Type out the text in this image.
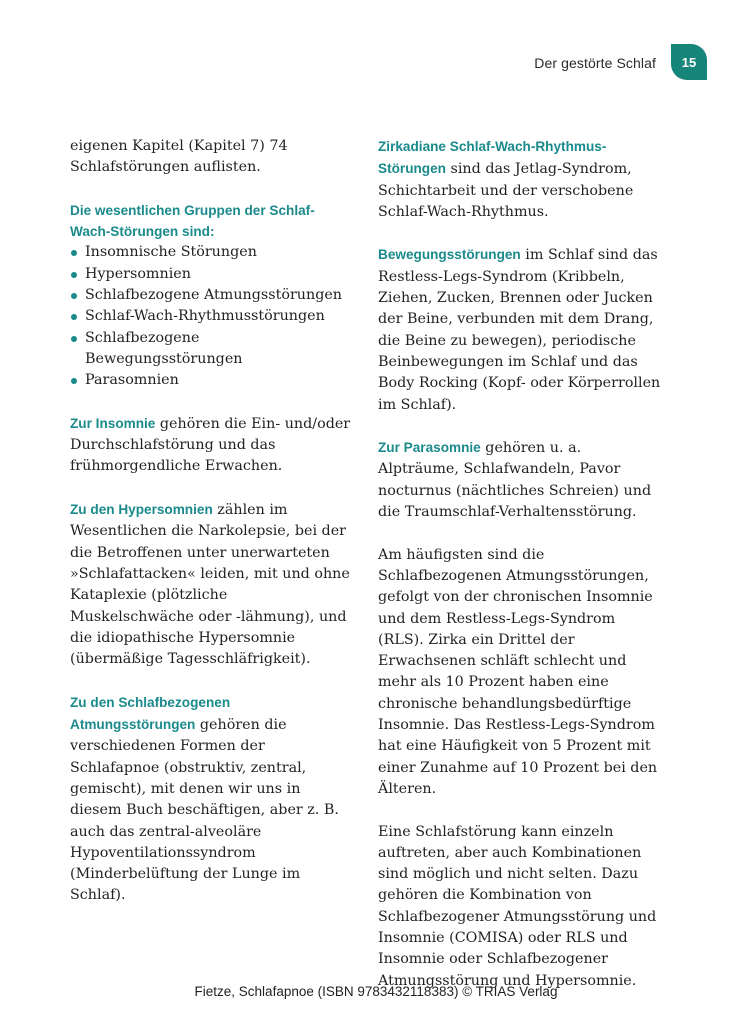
Der gestörte Schlaf 15

eigenen Kapitel (Kapitel 7) 74 Schlafstörungen auflisten.

Die wesentlichen Gruppen der Schlaf-Wach-Störungen sind:

Insomnische Störungen
Hypersomnien
Schlafbezogene Atmungsstörungen
Schlaf-Wach-Rhythmusstörungen
Schlafbezogene Bewegungsstörungen
Parasomnien

Zur Insomnie gehören die Ein- und/oder Durchschlafstörung und das frühmorgendliche Erwachen.

Zu den Hypersomnien zählen im Wesentlichen die Narkolepsie, bei der die Betroffenen unter unerwarteten »Schlafattacken« leiden, mit und ohne Kataplexie (plötzliche Muskelschwäche oder -lähmung), und die idiopathische Hypersomnie (übermäßige Tagesschläfrigkeit).

Zu den Schlafbezogenen Atmungsstörungen gehören die verschiedenen Formen der Schlafapnoe (obstruktiv, zentral, gemischt), mit denen wir uns in diesem Buch beschäftigen, aber z. B. auch das zentral-alveoläre Hypoventilationssyndrom (Minderbelüftung der Lunge im Schlaf).

Zirkadiane Schlaf-Wach-Rhythmus-Störungen sind das Jetlag-Syndrom, Schichtarbeit und der verschobene Schlaf-Wach-Rhythmus.

Bewegungsstörungen im Schlaf sind das Restless-Legs-Syndrom (Kribbeln, Ziehen, Zucken, Brennen oder Jucken der Beine, verbunden mit dem Drang, die Beine zu bewegen), periodische Beinbewegungen im Schlaf und das Body Rocking (Kopf- oder Körperrollen im Schlaf).

Zur Parasomnie gehören u. a. Alpträume, Schlafwandeln, Pavor nocturnus (nächtliches Schreien) und die Traumschlaf-Verhaltensstörung.

Am häufigsten sind die Schlafbezogenen Atmungsstörungen, gefolgt von der chronischen Insomnie und dem Restless-Legs-Syndrom (RLS). Zirka ein Drittel der Erwachsenen schläft schlecht und mehr als 10 Prozent haben eine chronische behandlungsbedürftige Insomnie. Das Restless-Legs-Syndrom hat eine Häufigkeit von 5 Prozent mit einer Zunahme auf 10 Prozent bei den Älteren.

Eine Schlafstörung kann einzeln auftreten, aber auch Kombinationen sind möglich und nicht selten. Dazu gehören die Kombination von Schlafbezogener Atmungsstörung und Insomnie (COMISA) oder RLS und Insomnie oder Schlafbezogener Atmungsstörung und Hypersomnie.

Fietze, Schlafapnoe (ISBN 9783432118383) © TRIAS Verlag
